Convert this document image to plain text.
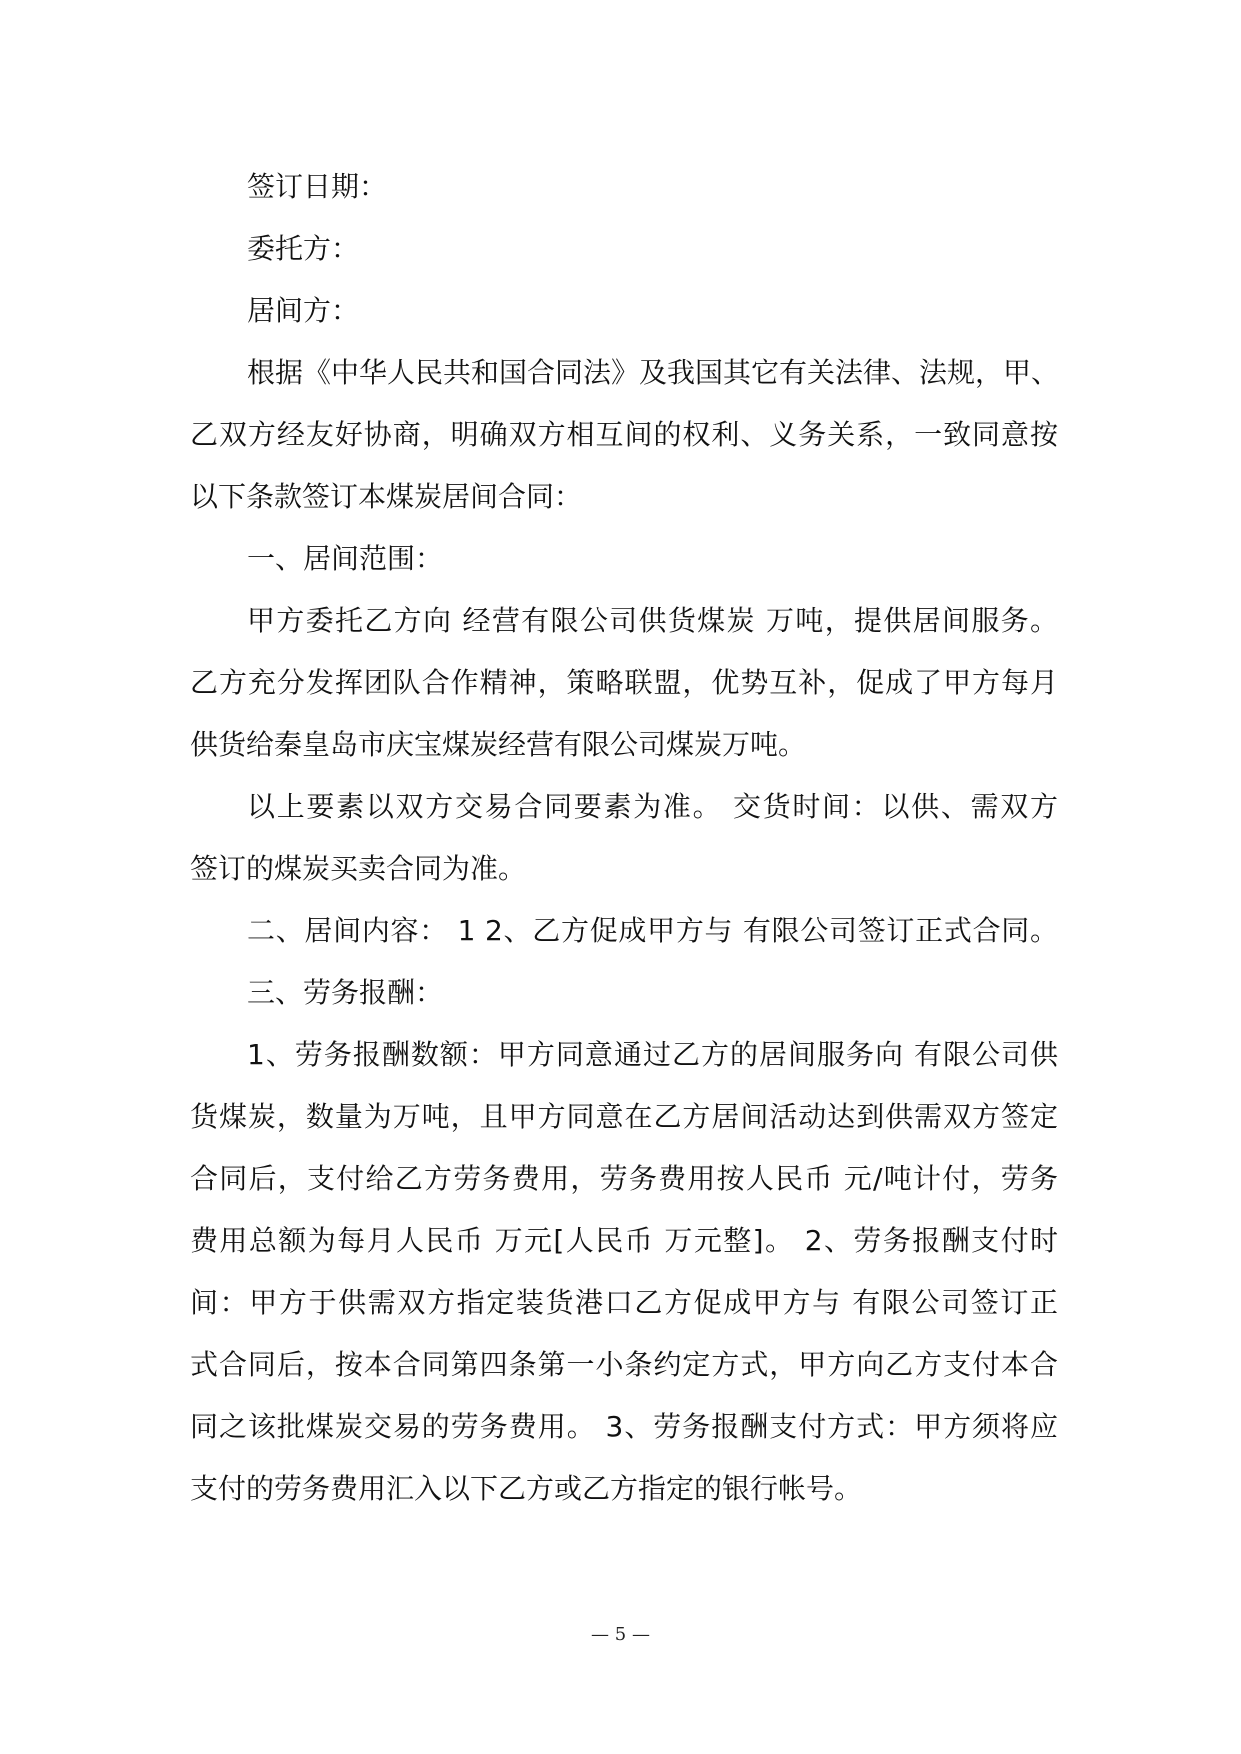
签订日期：

委托方：

居间方：

根据《中华人民共和国合同法》及我国其它有关法律、法规，甲、

乙双方经友好协商，明确双方相互间的权利、义务关系，一致同意按

以下条款签订本煤炭居间合同：

一、居间范围：

甲方委托乙方向 经营有限公司供货煤炭 万吨，提供居间服务。

乙方充分发挥团队合作精神，策略联盟，优势互补，促成了甲方每月

供货给秦皇岛市庆宝煤炭经营有限公司煤炭万吨。

以上要素以双方交易合同要素为准。 交货时间：以供、需双方

签订的煤炭买卖合同为准。

二、居间内容： 1 2、乙方促成甲方与 有限公司签订正式合同。

三、劳务报酬：

1、劳务报酬数额：甲方同意通过乙方的居间服务向 有限公司供

货煤炭，数量为万吨，且甲方同意在乙方居间活动达到供需双方签定

合同后，支付给乙方劳务费用，劳务费用按人民币 元/吨计付，劳务

费用总额为每月人民币 万元[人民币 万元整]。 2、劳务报酬支付时

间：甲方于供需双方指定装货港口乙方促成甲方与 有限公司签订正

式合同后，按本合同第四条第一小条约定方式，甲方向乙方支付本合

同之该批煤炭交易的劳务费用。 3、劳务报酬支付方式：甲方须将应

支付的劳务费用汇入以下乙方或乙方指定的银行帐号。

— 5 —
